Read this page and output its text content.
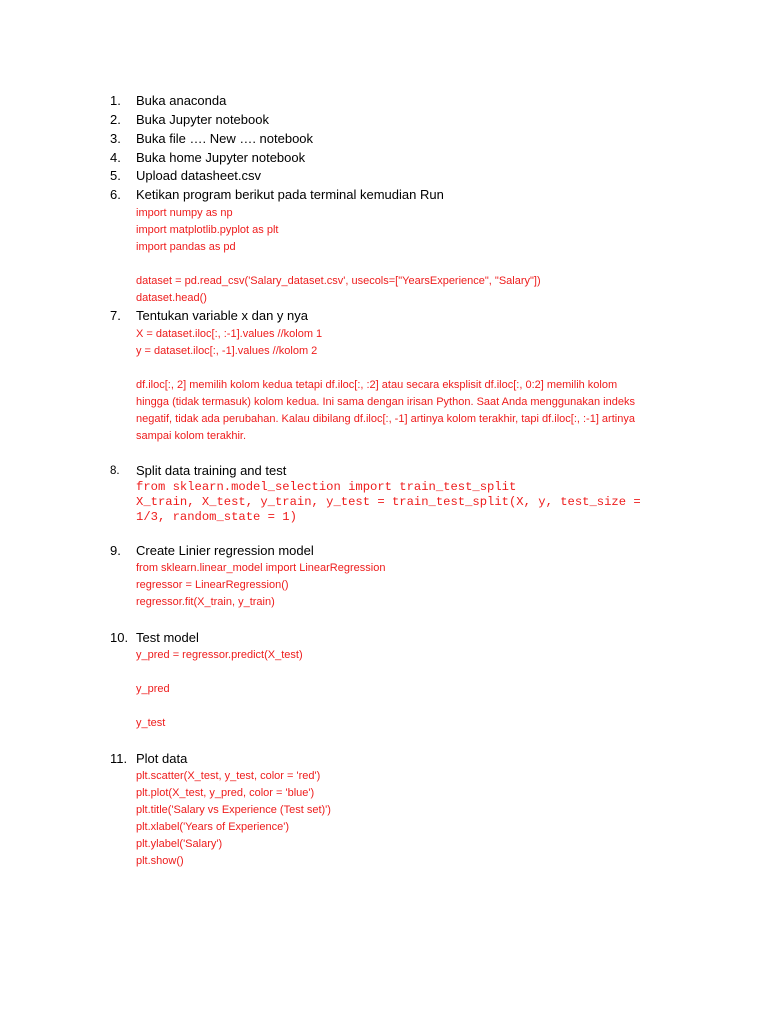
1.	Buka anaconda
2.	Buka Jupyter notebook
3.	Buka file …. New …. notebook
4.	Buka home Jupyter notebook
5.	Upload datasheet.csv
6.	Ketikan program berikut pada terminal kemudian Run
import numpy as np
import matplotlib.pyplot as plt
import pandas as pd
dataset = pd.read_csv('Salary_dataset.csv', usecols=["YearsExperience", "Salary"])
dataset.head()
7.	Tentukan variable x dan y nya
X = dataset.iloc[:, :-1].values //kolom 1
y = dataset.iloc[:, -1].values //kolom 2
df.iloc[:, 2] memilih kolom kedua tetapi df.iloc[:, :2] atau secara eksplisit df.iloc[:, 0:2] memilih kolom
hingga (tidak termasuk) kolom kedua. Ini sama dengan irisan Python. Saat Anda menggunakan indeks
negatif, tidak ada perubahan. Kalau dibilang df.iloc[:, -1] artinya kolom terakhir, tapi df.iloc[:, :-1] artinya
sampai kolom terakhir.
8.	Split data training and test
from sklearn.model_selection import train_test_split
X_train, X_test, y_train, y_test = train_test_split(X, y, test_size =
1/3, random_state = 1)
9.	Create Linier regression model
from sklearn.linear_model import LinearRegression
regressor = LinearRegression()
regressor.fit(X_train, y_train)
10. Test model
y_pred = regressor.predict(X_test)
y_pred
y_test
11. Plot data
plt.scatter(X_test, y_test, color = 'red')
plt.plot(X_test, y_pred, color = 'blue')
plt.title('Salary vs Experience (Test set)')
plt.xlabel('Years of Experience')
plt.ylabel('Salary')
plt.show()
